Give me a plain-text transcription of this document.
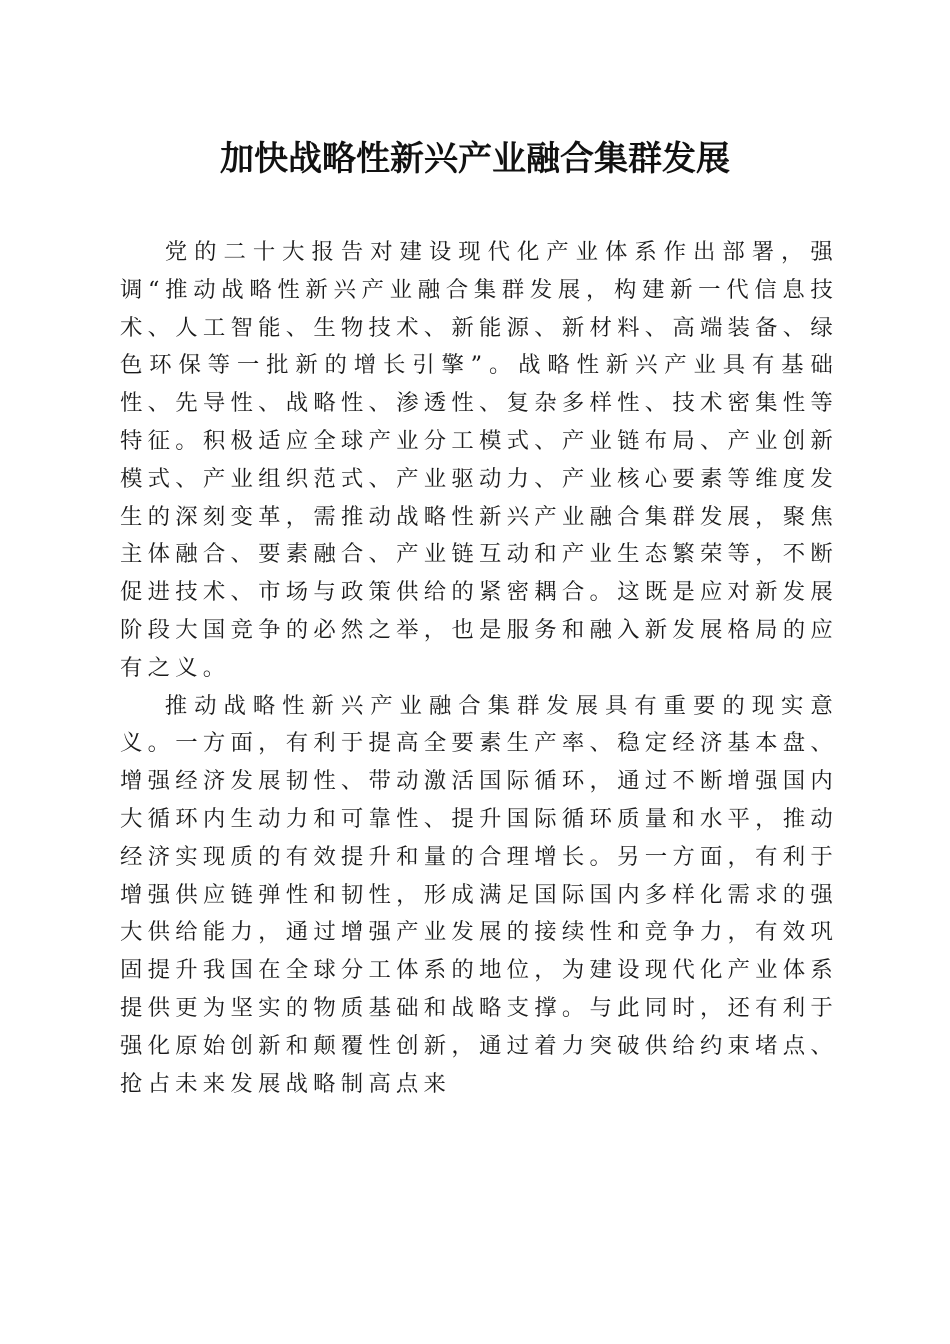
加快战略性新兴产业融合集群发展

党的二十大报告对建设现代化产业体系作出部署，强调“推动战略性新兴产业融合集群发展，构建新一代信息技术、人工智能、生物技术、新能源、新材料、高端装备、绿色环保等一批新的增长引擎”。战略性新兴产业具有基础性、先导性、战略性、渗透性、复杂多样性、技术密集性等特征。积极适应全球产业分工模式、产业链布局、产业创新模式、产业组织范式、产业驱动力、产业核心要素等维度发生的深刻变革，需推动战略性新兴产业融合集群发展，聚焦主体融合、要素融合、产业链互动和产业生态繁荣等，不断促进技术、市场与政策供给的紧密耦合。这既是应对新发展阶段大国竞争的必然之举，也是服务和融入新发展格局的应有之义。

推动战略性新兴产业融合集群发展具有重要的现实意义。一方面，有利于提高全要素生产率、稳定经济基本盘、增强经济发展韧性、带动激活国际循环，通过不断增强国内大循环内生动力和可靠性、提升国际循环质量和水平，推动经济实现质的有效提升和量的合理增长。另一方面，有利于增强供应链弹性和韧性，形成满足国际国内多样化需求的强大供给能力，通过增强产业发展的接续性和竞争力，有效巩固提升我国在全球分工体系的地位，为建设现代化产业体系提供更为坚实的物质基础和战略支撑。与此同时，还有利于强化原始创新和颠覆性创新，通过着力突破供给约束堵点、抢占未来发展战略制高点来
